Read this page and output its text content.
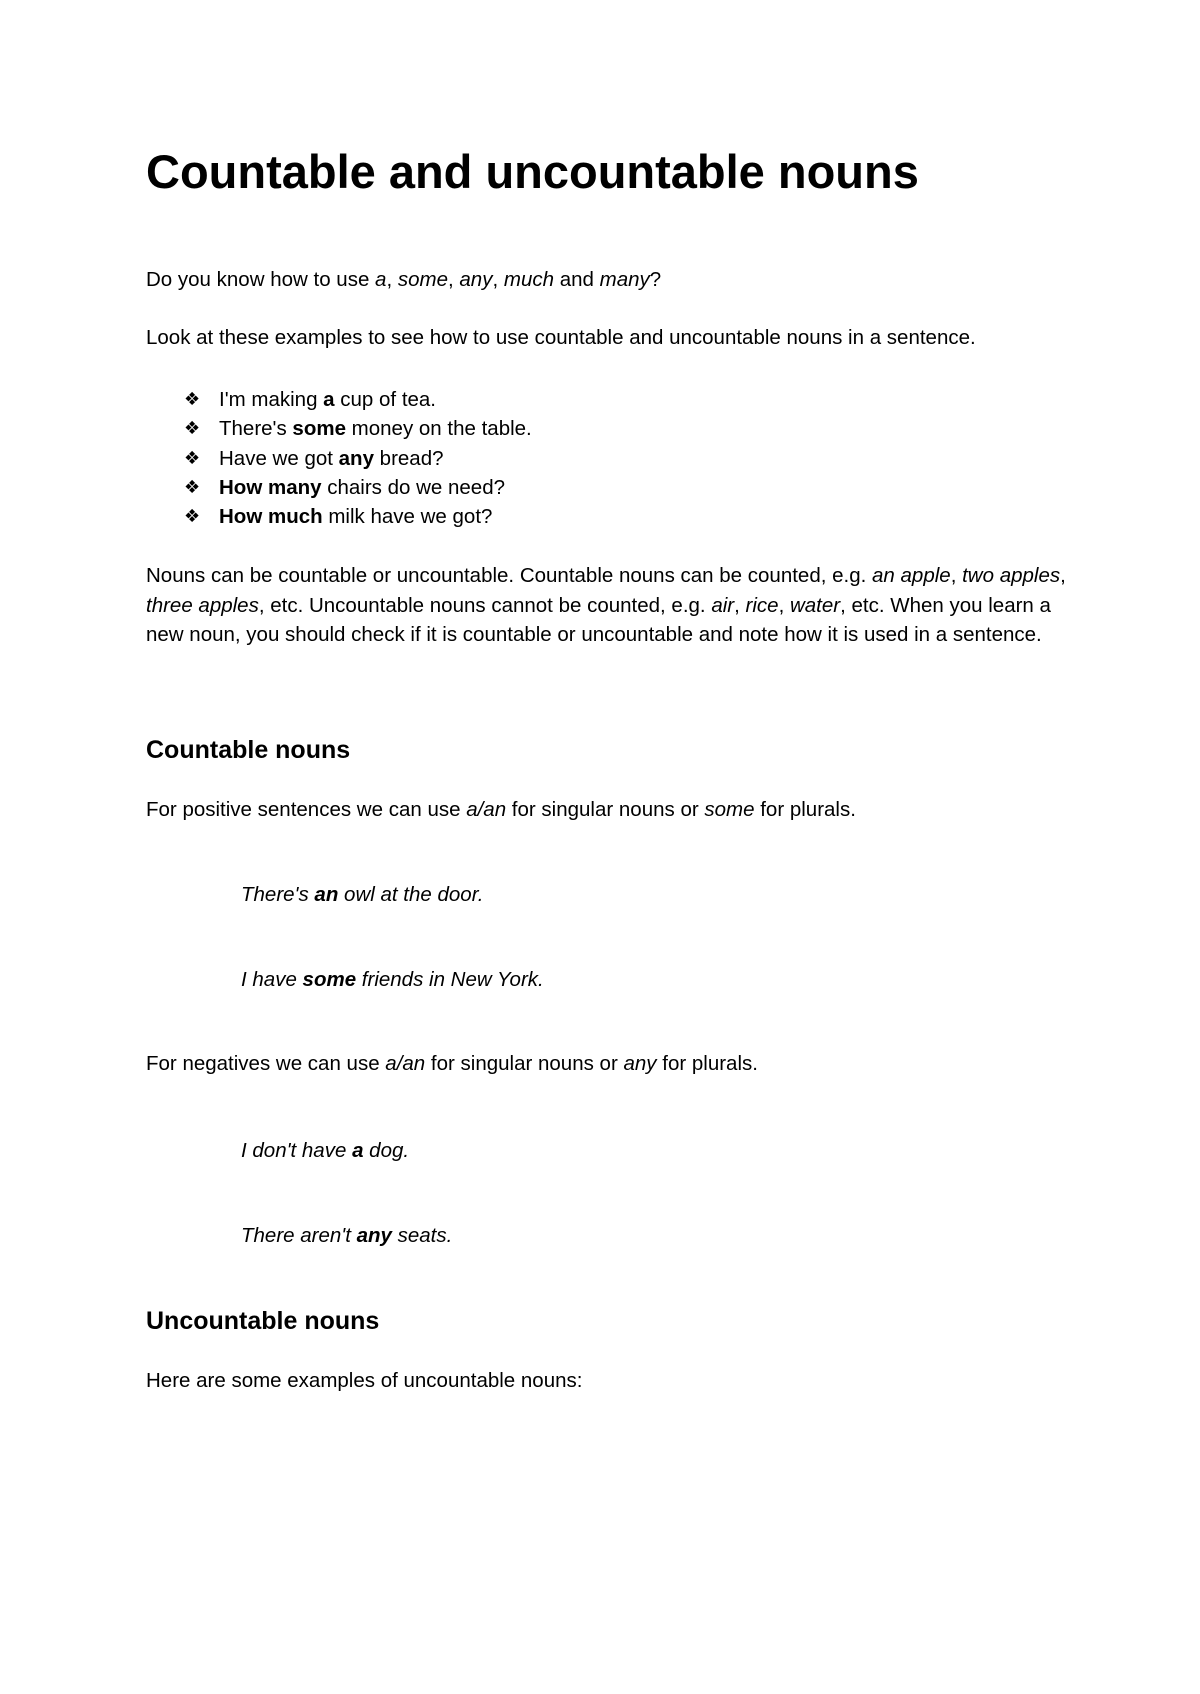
Countable and uncountable nouns

Do you know how to use a, some, any, much and many?

Look at these examples to see how to use countable and uncountable nouns in a sentence.

❖ I'm making a cup of tea.
❖ There's some money on the table.
❖ Have we got any bread?
❖ How many chairs do we need?
❖ How much milk have we got?

Nouns can be countable or uncountable. Countable nouns can be counted, e.g. an apple, two apples, three apples, etc. Uncountable nouns cannot be counted, e.g. air, rice, water, etc. When you learn a new noun, you should check if it is countable or uncountable and note how it is used in a sentence.

Countable nouns

For positive sentences we can use a/an for singular nouns or some for plurals.

There's an owl at the door.

I have some friends in New York.

For negatives we can use a/an for singular nouns or any for plurals.

I don't have a dog.

There aren't any seats.

Uncountable nouns

Here are some examples of uncountable nouns:
